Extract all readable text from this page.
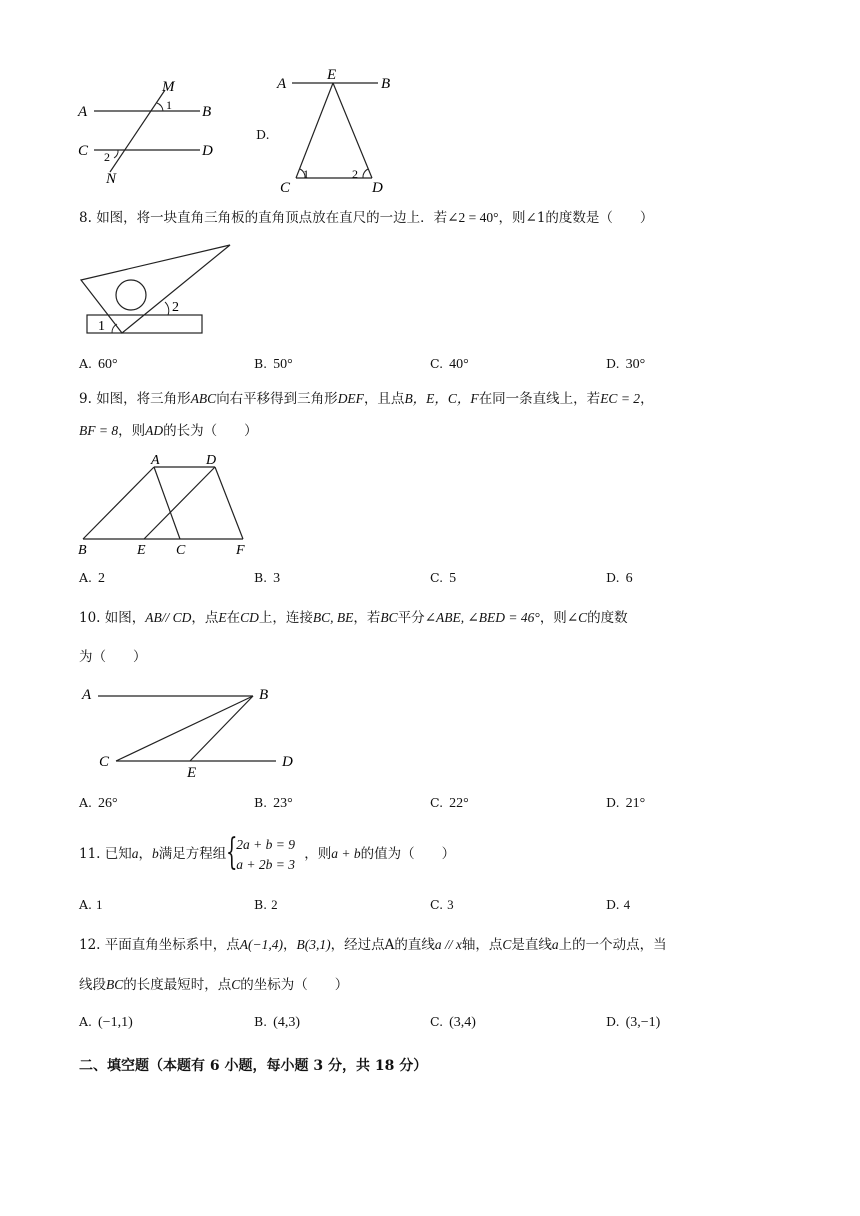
A
M
1 B
C 2	D
N
D.
A
E
B
C
1	2
D
8. 如图，将一块直角三角板的直角顶点放在直尺的一边上．若∠2 = 40°，则∠1的度数是（　　）
1
2
A. 60°	B. 50°	C. 40°	D. 30°
9. 如图，将三角形ABC向右平移得到三角形DEF，且点B，E，C，F在同一条直线上，若EC = 2，
BF = 8，则AD的长为（　　）
A	D
B	E C	F
A. 2	B. 3	C. 5	D. 6
10. 如图，AB// CD，点E在CD上，连接BC, BE，若BC平分∠ABE, ∠BED = 46°，则∠C的度数
为（　　）
A	B
C	D
E
A. 26°	B. 23°	C. 22°	D. 21°
11. 已知a，b满足方程组 {
2a + b = 9
a + 2b = 3
，则a + b的值为（　　）
A. 1	B. 2	C. 3	D. 4
12. 平面直角坐标系中，点A(−1,4)，B(3,1)，经过点A的直线a // x轴，点C是直线a上的一个动点，当
线段BC的长度最短时，点C的坐标为（　　）
A. (−1,1)	B. (4,3)	C. (3,4)	D. (3,−1)
二、填空题（本题有 6 小题，每小题 3 分，共 18 分）
